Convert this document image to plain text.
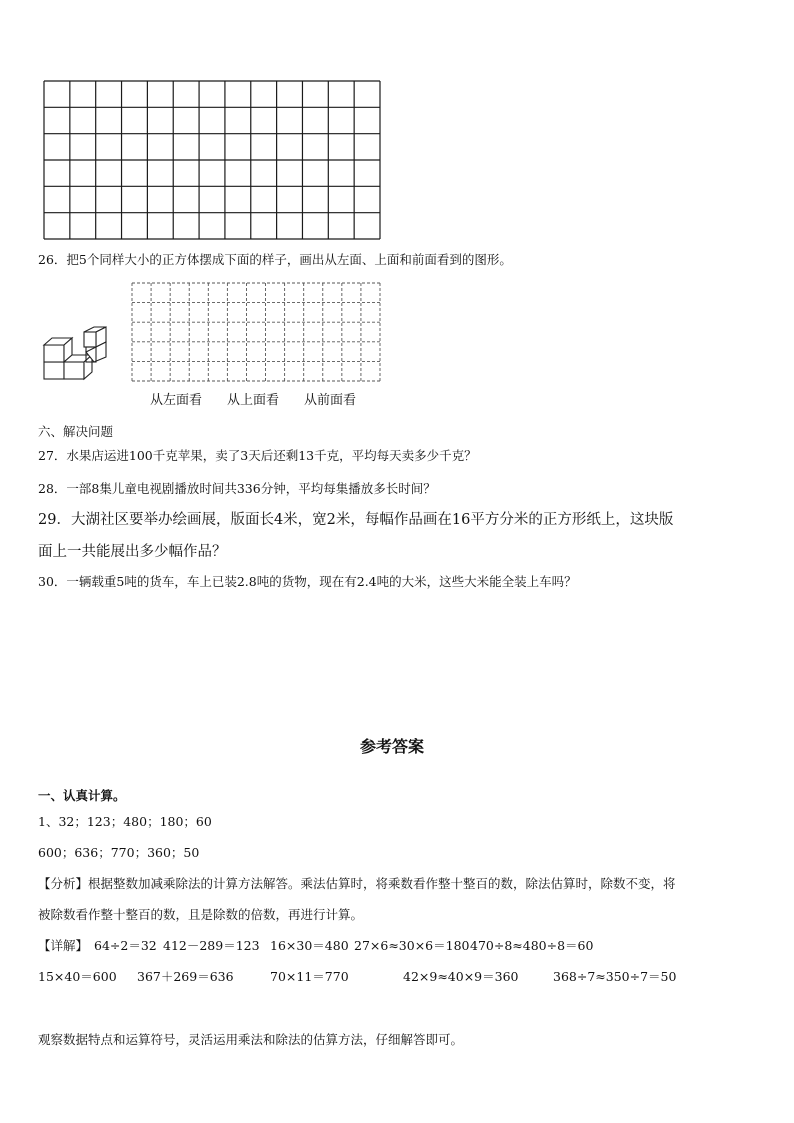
26．把5个同样大小的正方体摆成下面的样子，画出从左面、上面和前面看到的图形。
从左面看 从上面看 从前面看
六、解决问题
27．水果店运进100千克苹果，卖了3天后还剩13千克，平均每天卖多少千克？
28．一部8集儿童电视剧播放时间共336分钟，平均每集播放多长时间？
29．大湖社区要举办绘画展，版面长4米，宽2米，每幅作品画在16平方分米的正方形纸上，这块版
面上一共能展出多少幅作品？
30．一辆载重5吨的货车，车上已装2.8吨的货物，现在有2.4吨的大米，这些大米能全装上车吗？
参考答案
一、认真计算。
1、32；123；480；180；60
600；636；770；360；50
【分析】根据整数加减乘除法的计算方法解答。乘法估算时，将乘数看作整十整百的数，除法估算时，除数不变，将
被除数看作整十整百的数，且是除数的倍数，再进行计算。
【详解】 64÷2＝32 412－289＝123 16×30＝480 27×6≈30×6＝180 470÷8≈480÷8＝60
15×40＝600 367＋269＝636	70×11＝770	42×9≈40×9＝360	368÷7≈350÷7＝50
观察数据特点和运算符号，灵活运用乘法和除法的估算方法，仔细解答即可。
